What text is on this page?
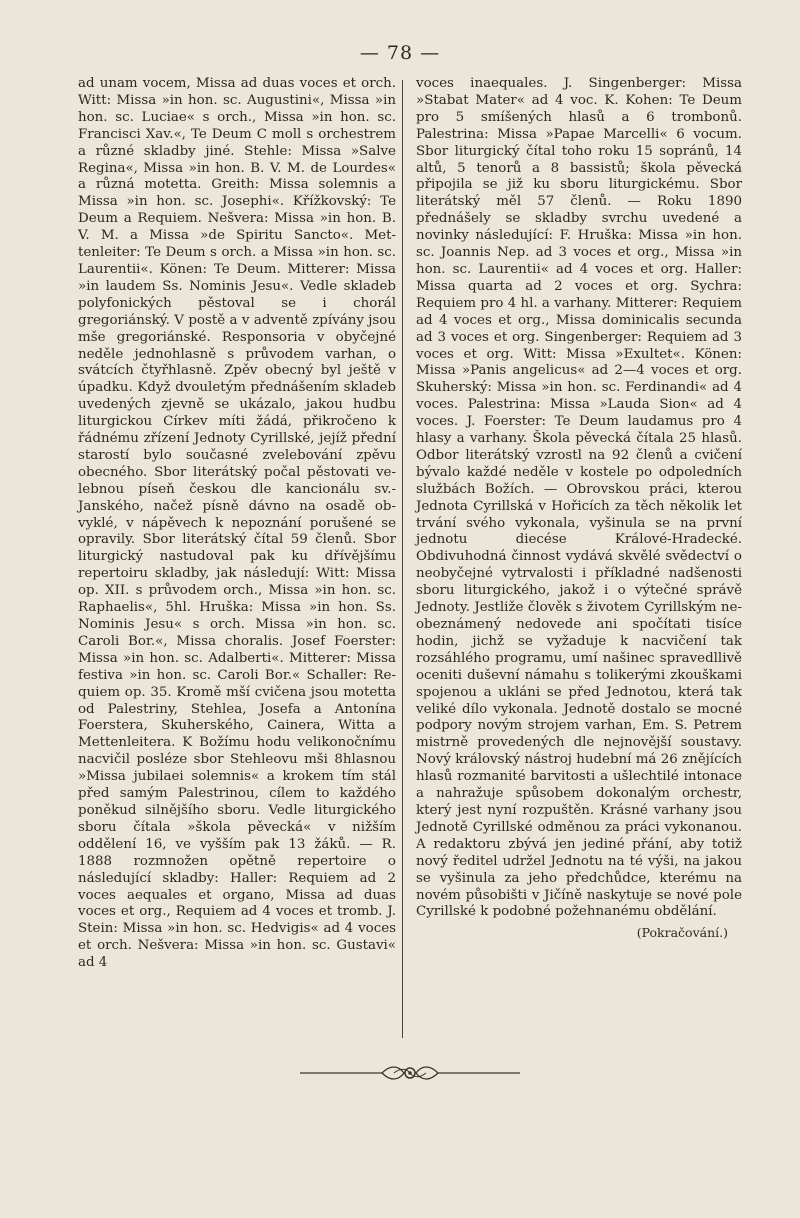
— 78 —

ad unam vocem, Missa ad duas voces et orch. Witt: Missa »in hon. sc. Augustini«, Missa »in hon. sc. Luciae« s orch., Missa »in hon. sc. Francisci Xav.«, Te Deum C moll s orchestrem a různé skladby jiné. Stehle: Missa »Salve Regina«, Missa »in hon. B. V. M. de Lourdes« a různá motetta. Greith: Missa solemnis a Missa »in hon. sc. Josephi«. Křížkovský: Te Deum a Requiem. Nešvera: Missa »in hon. B. V. M. a Missa »de Spiritu Sancto«. Mettenleiter: Te Deum s orch. a Missa »in hon. sc. Laurentii«. Könen: Te Deum. Mitterer: Missa »in laudem Ss. Nominis Jesu«. Vedle skladeb polyfonických pěstoval se i chorál gregoriánský. V postě a v adventě zpívány jsou mše gregoriánské. Responsoria v obyčejné neděle jednohlasně s průvodem varhan, o svátcích čtyřhlasně. Zpěv obecný byl ještě v úpadku. Když dvouletým přednášením skladeb uvedených zjevně se ukázalo, jakou hudbu liturgickou Církev míti žádá, přikročeno k řádnému zřízení Jednoty Cyrillské, jejíž přední starostí bylo současné zvelebování zpěvu obecného. Sbor literátský počal pěstovati velebnou píseň českou dle kancionálu sv.-Janského, načež písně dávno na osadě obvyklé, v nápěvech k nepoznání porušené se opravily. Sbor literátský čítal 59 členů. Sbor liturgický nastudoval pak ku dřívějšímu repertoiru skladby, jak následují: Witt: Missa op. XII. s průvodem orch., Missa »in hon. sc. Raphaelis«, 5hl. Hruška: Missa »in hon. Ss. Nominis Jesu« s orch. Missa »in hon. sc. Caroli Bor.«, Missa choralis. Josef Foerster: Missa »in hon. sc. Adalberti«. Mitterer: Missa festiva »in hon. sc. Caroli Bor.« Schaller: Requiem op. 35. Kromě mší cvičena jsou motetta od Palestriny, Stehlea, Josefa a Antonína Foerstera, Skuherského, Cainera, Witta a Mettenleitera. K Božímu hodu velikonočnímu nacvičil posléze sbor Stehleovu mši 8hlasnou »Missa jubilaei solemnis« a krokem tím stál před samým Palestrinou, cílem to každého poněkud silnějšího sboru. Vedle liturgického sboru čítala »škola pěvecká« v nižším oddělení 16, ve vyšším pak 13 žáků. — R. 1888 rozmnožen opětně repertoire o následující skladby: Haller: Requiem ad 2 voces aequales et organo, Missa ad duas voces et org., Requiem ad 4 voces et tromb. J. Stein: Missa »in hon. sc. Hedvigis« ad 4 voces et orch. Nešvera: Missa »in hon. sc. Gustavi« ad 4

voces inaequales. J. Singenberger: Missa »Stabat Mater« ad 4 voc. K. Kohen: Te Deum pro 5 smíšených hlasů a 6 trombonů. Palestrina: Missa »Papae Marcelli« 6 vocum. Sbor liturgický čítal toho roku 15 sopránů, 14 altů, 5 tenorů a 8 bassistů; škola pěvecká připojila se již ku sboru liturgickému. Sbor literátský měl 57 členů. — Roku 1890 přednášely se skladby svrchu uvedené a novinky následující: F. Hruška: Missa »in hon. sc. Joannis Nep. ad 3 voces et org., Missa »in hon. sc. Laurentii« ad 4 voces et org. Haller: Missa quarta ad 2 voces et org. Sychra: Requiem pro 4 hl. a varhany. Mitterer: Requiem ad 4 voces et org., Missa dominicalis secunda ad 3 voces et org. Singenberger: Requiem ad 3 voces et org. Witt: Missa »Exultet«. Könen: Missa »Panis angelicus« ad 2—4 voces et org. Skuherský: Missa »in hon. sc. Ferdinandi« ad 4 voces. Palestrina: Missa »Lauda Sion« ad 4 voces. J. Foerster: Te Deum laudamus pro 4 hlasy a varhany. Škola pěvecká čítala 25 hlasů. Odbor literátský vzrostl na 92 členů a cvičení bývalo každé neděle v kostele po odpoledních službách Božích. — Obrovskou práci, kterou Jednota Cyrillská v Hořicích za těch několik let trvání svého vykonala, vyšinula se na první jednotu diecése Králové-Hradecké. Obdivuhodná činnost vydává skvělé svědectví o neobyčejné vytrvalosti i příkladné nadšenosti sboru liturgického, jakož i o výtečné správě Jednoty. Jestliže člověk s životem Cyrillským neobeznámený nedovede ani spočítati tisíce hodin, jichž se vyžaduje k nacvičení tak rozsáhlého programu, umí našinec spravedllivě oceniti duševní námahu s tolikerými zkouškami spojenou a ukláni se před Jednotou, která tak veliké dílo vykonala. Jednotě dostalo se mocné podpory novým strojem varhan, Em. S. Petrem mistrně provedených dle nejnovější soustavy. Nový královský nástroj hudební má 26 znějících hlasů rozmanité barvitosti a ušlechtilé intonace a nahražuje spůsobem dokonalým orchestr, který jest nyní rozpuštěn. Krásné varhany jsou Jednotě Cyrillské odměnou za práci vykonanou. A redaktoru zbývá jen jediné přání, aby totiž nový ředitel udržel Jednotu na té výši, na jakou se vyšinula za jeho předchůdce, kterému na novém působišti v Jičíně naskytuje se nové pole Cyrillské k podobné požehnanému obdělání.

(Pokračování.)
